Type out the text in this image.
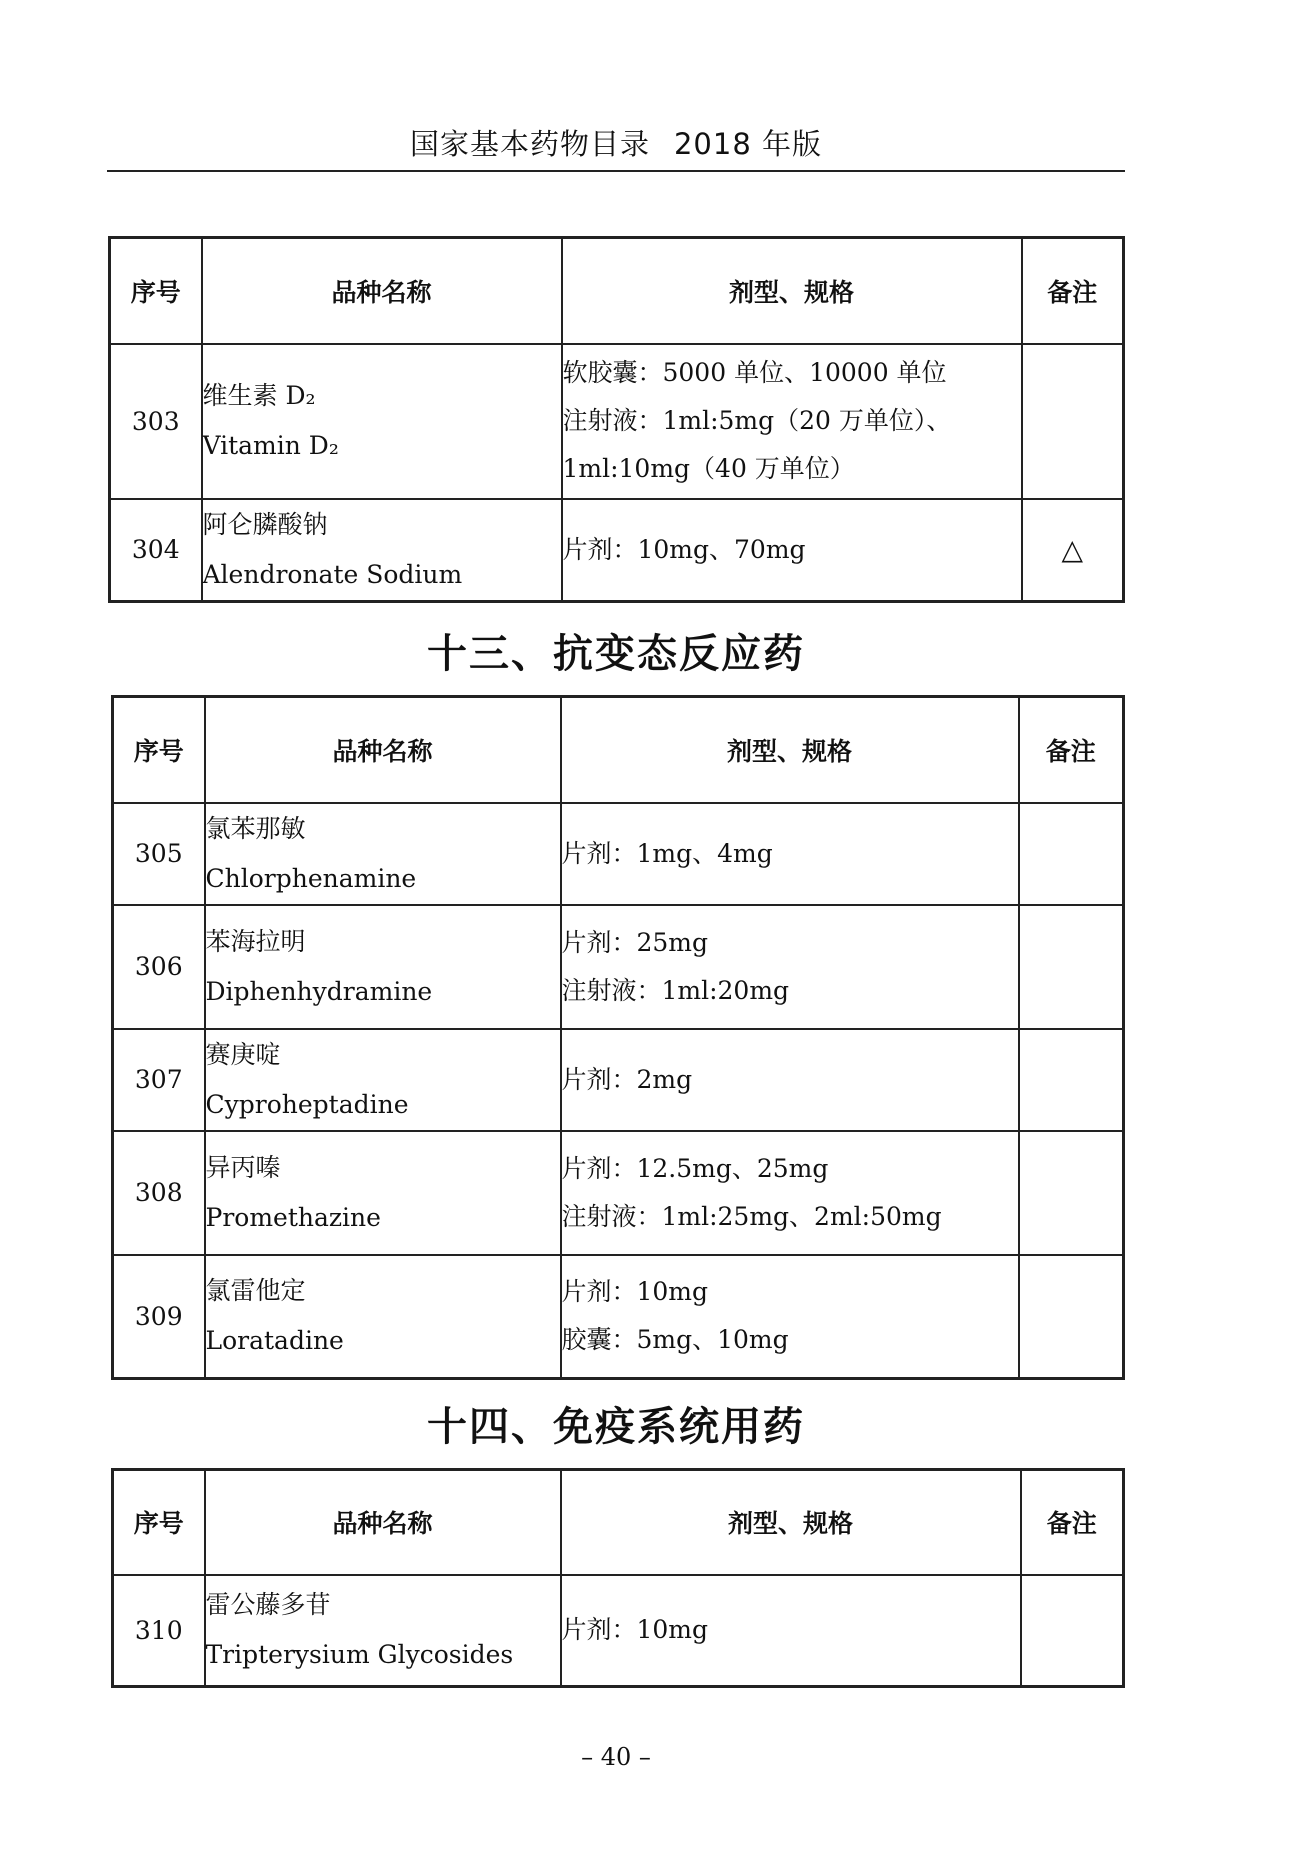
国家基本药物目录 2018 年版
序号	品种名称	剂型、规格	备注
303	维生素 D₂
Vitamin D₂	软胶囊：5000 单位、10000 单位
注射液：1ml:5mg（20 万单位）、
1ml:10mg（40 万单位）	

304	阿仑膦酸钠
Alendronate Sodium	片剂：10mg、70mg	△
十三、抗变态反应药
序号	品种名称	剂型、规格	备注
305	氯苯那敏
Chlorphenamine	片剂：1mg、4mg	

306	苯海拉明
Diphenhydramine	片剂：25mg
注射液：1ml:20mg	

307	赛庚啶
Cyproheptadine	片剂：2mg	

308	异丙嗪
Promethazine	片剂：12.5mg、25mg
注射液：1ml:25mg、2ml:50mg	

309	氯雷他定
Loratadine	片剂：10mg
胶囊：5mg、10mg	

十四、免疫系统用药
序号	品种名称	剂型、规格	备注
310	雷公藤多苷
Tripterysium Glycosides	片剂：10mg	

– 40 –
